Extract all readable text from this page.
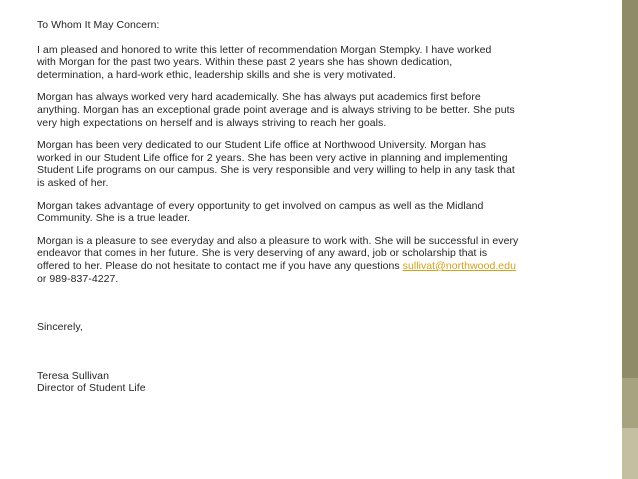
To Whom It May Concern:

I am pleased and honored to write this letter of recommendation Morgan Stempky. I have worked
with Morgan for the past two years. Within these past 2 years she has shown dedication,
determination, a hard-work ethic, leadership skills and she is very motivated.

Morgan has always worked very hard academically. She has always put academics first before
anything. Morgan has an exceptional grade point average and is always striving to be better. She puts
very high expectations on herself and is always striving to reach her goals.

Morgan has been very dedicated to our Student Life office at Northwood University. Morgan has
worked in our Student Life office for 2 years. She has been very active in planning and implementing
Student Life programs on our campus. She is very responsible and very willing to help in any task that
is asked of her.

Morgan takes advantage of every opportunity to get involved on campus as well as the Midland
Community. She is a true leader.

Morgan is a pleasure to see everyday and also a pleasure to work with. She will be successful in every
endeavor that comes in her future. She is very deserving of any award, job or scholarship that is
offered to her. Please do not hesitate to contact me if you have any questions sullivat@northwood.edu
or 989-837-4227.

Sincerely,

Teresa Sullivan

Director of Student Life
